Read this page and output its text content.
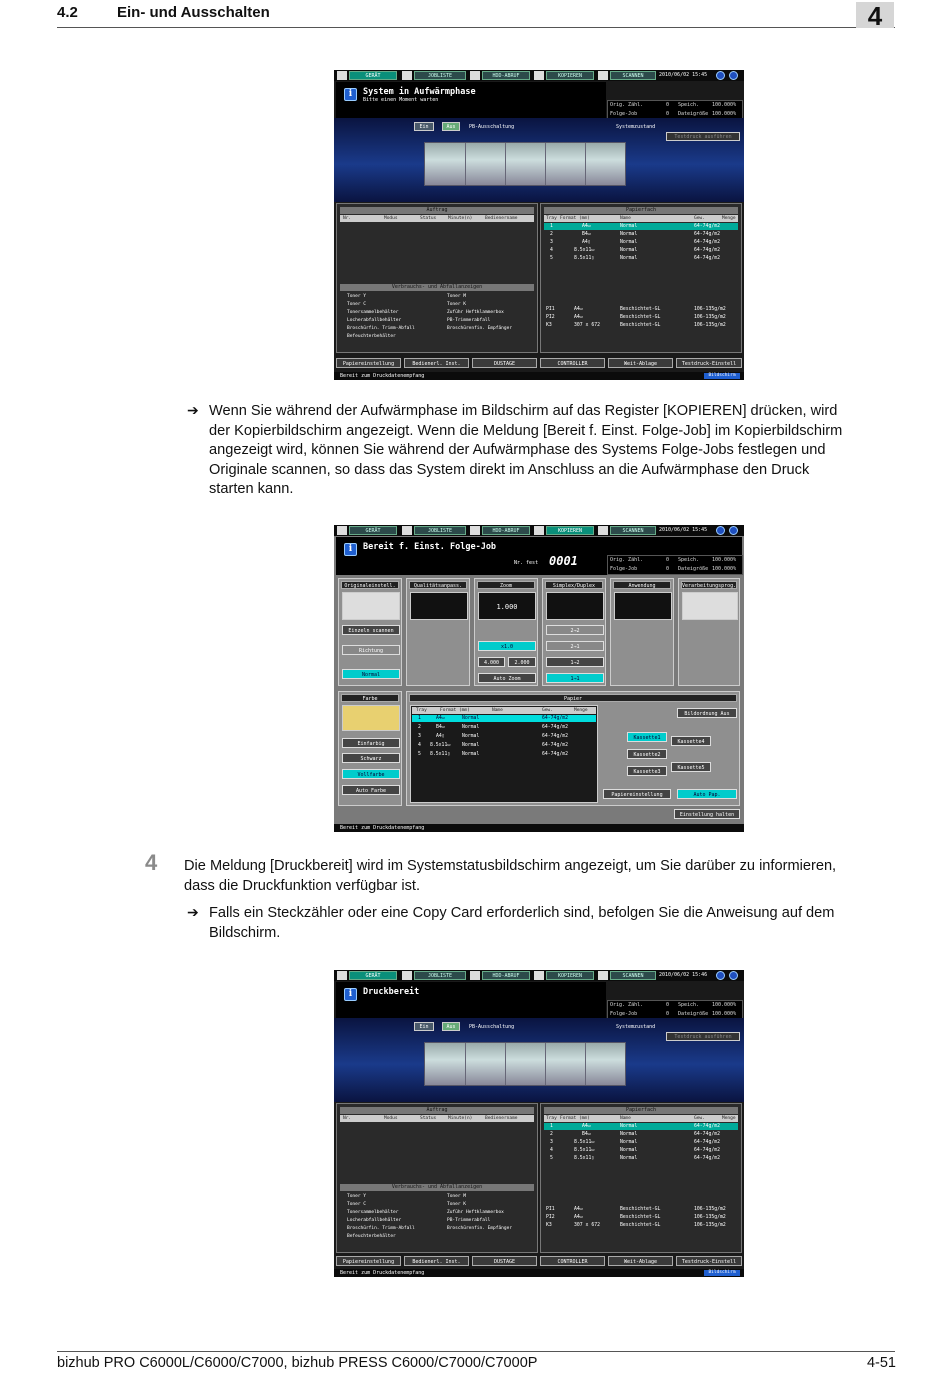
4.2	Ein- und Ausschalten	4
GERÄT	JOBLISTE	HDD-ABRUF	KOPIEREN	SCANNEN	2010/06/02 15:45
i	System in Aufwärmphase
Bitte einen Moment warten
Orig. Zähl.	0 Speich.	100.000%
Folge-Job	0 Dateigröße 100.000%
Ein	Aus	PB-Ausschaltung	Systemzustand
Testdruck ausführen
Auftrag
Nr.	Modus	Status	Minute(n)	Bedienername
Verbrauchs- und Abfallanzeigen
Toner Y
Toner C
Tonersammelbehälter
Locherabfallbehälter
Broschürfin. Trimm-Abfall
Befeuchterbehälter
Toner M
Toner K
Zuführ Heftklammerbox
PB-Trimmerabfall
Broschürenfin. Empfänger
Papierfach
Tray Format (mm)	Name	Gew.	Menge
1	A4▭	Normal	64-74g/m2
2	B4▭	Normal	64-74g/m2
3	A4▯	Normal	64-74g/m2
4	8.5x11▭	Normal	64-74g/m2
5	8.5x11▯	Normal	64-74g/m2
PI1	A4▭	Beschichtet-GL	106-135g/m2
PI2	A4▭	Beschichtet-GL	106-135g/m2
K3	307 x 672	Beschichtet-GL	106-135g/m2
Papiereinstellung	Bedienerl. Inst.	DUSTAGE	CONTROLLER	Weit-Ablage	Testdruck-Einstell
Bereit zum Druckdatenempfang	Bildschirm
➔ Wenn Sie während der Aufwärmphase im Bildschirm auf das Register [KOPIEREN] drücken, wird
der Kopierbildschirm angezeigt. Wenn die Meldung [Bereit f. Einst. Folge-Job] im Kopierbildschirm
angezeigt wird, können Sie während der Aufwärmphase des Systems Folge-Jobs festlegen und
Originale scannen, so dass das System direkt im Anschluss an die Aufwärmphase den Druck
starten kann.
GERÄT	JOBLISTE	HDD-ABRUF	KOPIEREN	SCANNEN	2010/06/02 15:45
i	Bereit f. Einst. Folge-Job
Nr. fest 0001	Orig. Zähl.	0 Speich.	100.000%
Folge-Job	0 Dateigröße 100.000%
Originaleinstell.
Einzeln scannen
Richtung
Normal
Qualitätsanpass.	Zoom
1.000
x1.0
4.000	2.000
Auto Zoom
Simplex/Duplex
2→2
2→1
1→2
1→1
Anwendung	Verarbeitungsprog.
Farbe
Einfarbig
Schwarz
Vollfarbe
Auto Farbe
Papier
Tray	Format (mm)	Name	Gew.	Menge
1	A4▭	Normal	64-74g/m2
2	B4▭	Normal	64-74g/m2
3	A4▯	Normal	64-74g/m2
4 8.5x11▭ Normal	64-74g/m2
5 8.5x11▯ Normal	64-74g/m2
Bildordnung Aus
Kassette1
Kassette2
Kassette3
Kassette4
Kassette5
Papiereinstellung	Auto Pap.
Einstellung halten
Bereit zum Druckdatenempfang
4 Die Meldung [Druckbereit] wird im Systemstatusbildschirm angezeigt, um Sie darüber zu informieren,
dass die Druckfunktion verfügbar ist.
➔ Falls ein Steckzähler oder eine Copy Card erforderlich sind, befolgen Sie die Anweisung auf dem
Bildschirm.
GERÄT	JOBLISTE	HDD-ABRUF	KOPIEREN	SCANNEN	2010/06/02 15:46
i	Druckbereit
Orig. Zähl.	0 Speich.	100.000%
Folge-Job	0 Dateigröße 100.000%
Ein	Aus	PB-Ausschaltung	Systemzustand
Testdruck ausführen
Auftrag
Nr.	Modus	Status	Minute(n)	Bedienername
Verbrauchs- und Abfallanzeigen
Toner Y
Toner C
Tonersammelbehälter
Locherabfallbehälter
Broschürfin. Trimm-Abfall
Befeuchterbehälter
Toner M
Toner K
Zuführ Heftklammerbox
PB-Trimmerabfall
Broschürenfin. Empfänger
Papierfach
Tray Format (mm)	Name	Gew.	Menge
1	A4▭	Normal	64-74g/m2
2	B4▭	Normal	64-74g/m2
3	8.5x11▭	Normal	64-74g/m2
4	8.5x11▭	Normal	64-74g/m2
5	8.5x11▯	Normal	64-74g/m2
PI1	A4▭	Beschichtet-GL	106-135g/m2
PI2	A4▭	Beschichtet-GL	106-135g/m2
K3	307 x 672	Beschichtet-GL	106-135g/m2
Papiereinstellung	Bedienerl. Inst.	DUSTAGE	CONTROLLER	Weit-Ablage	Testdruck-Einstell
Bereit zum Druckdatenempfang	Bildschirm
bizhub PRO C6000L/C6000/C7000, bizhub PRESS C6000/C7000/C7000P	4-51
